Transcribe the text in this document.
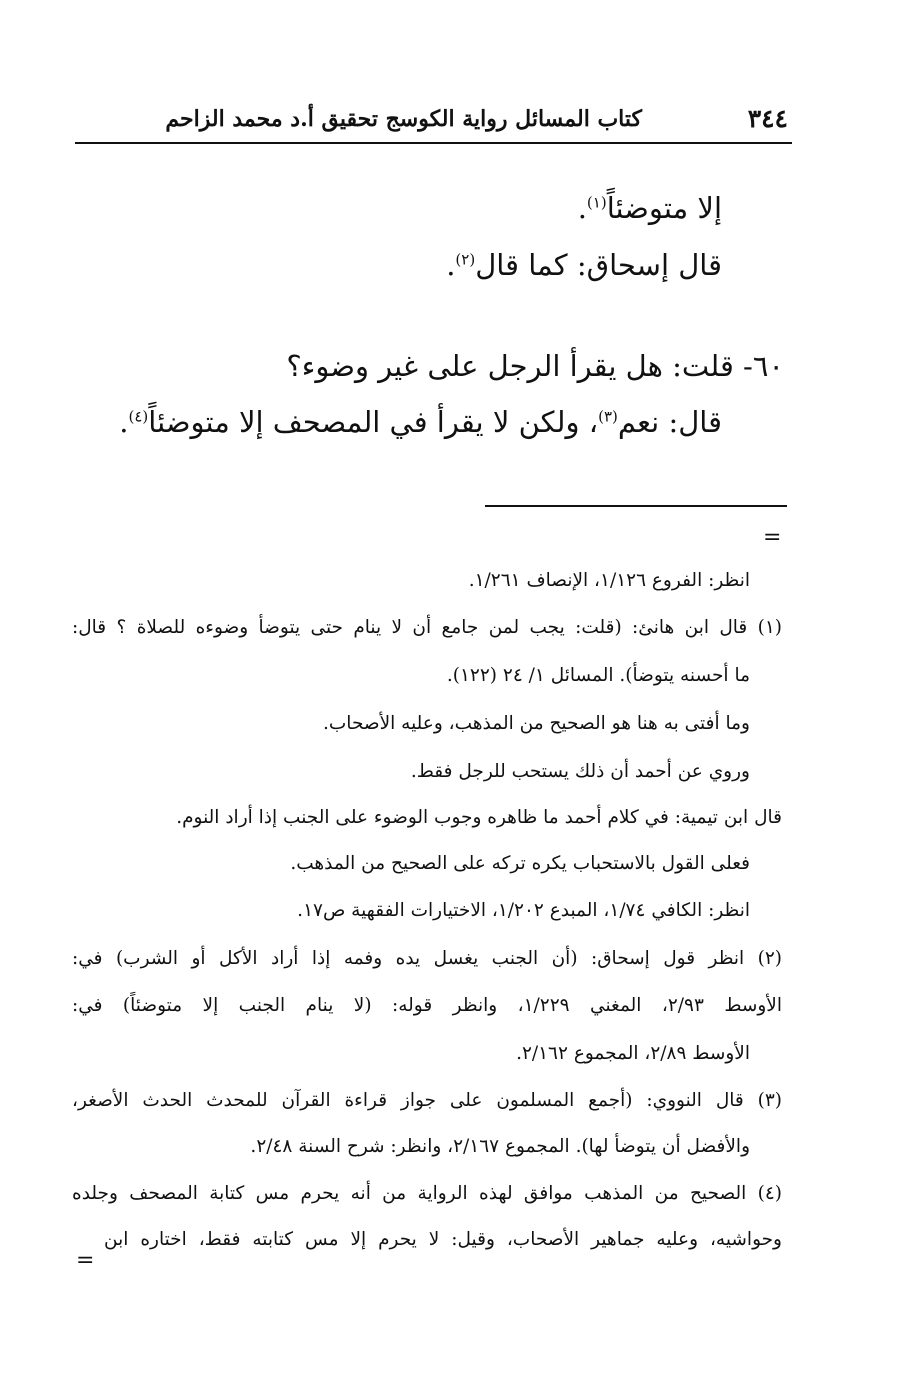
٣٤٤
كتاب المسائل رواية الكوسج تحقيق أ.د محمد الزاحم
إلا متوضئاً$^{(١)}$.
قال إسحاق: كما قال$^{(٢)}$.
٦٠- قلت: هل يقرأ الرجل على غير وضوء؟
قال: نعم$^{(٣)}$، ولكن لا يقرأ في المصحف إلا متوضئاً$^{(٤)}$.
=
انظر: الفروع ١/١٢٦، الإنصاف ١/٢٦١.
(١) قال ابن هانئ: (قلت: يجب لمن جامع أن لا ينام حتى يتوضأ وضوءه للصلاة ؟ قال:
ما أحسنه يتوضأ). المسائل ١/ ٢٤ (١٢٢).
وما أفتى به هنا هو الصحيح من المذهب، وعليه الأصحاب.
وروي عن أحمد أن ذلك يستحب للرجل فقط.
قال ابن تيمية: في كلام أحمد ما ظاهره وجوب الوضوء على الجنب إذا أراد النوم.
فعلى القول بالاستحباب يكره تركه على الصحيح من المذهب.
انظر: الكافي ١/٧٤، المبدع ١/٢٠٢، الاختيارات الفقهية ص١٧.
(٢) انظر قول إسحاق: (أن الجنب يغسل يده وفمه إذا أراد الأكل أو الشرب) في:
الأوسط ٢/٩٣، المغني ١/٢٢٩، وانظر قوله: (لا ينام الجنب إلا متوضئاً) في:
الأوسط ٢/٨٩، المجموع ٢/١٦٢.
(٣) قال النووي: (أجمع المسلمون على جواز قراءة القرآن للمحدث الحدث الأصغر،
والأفضل أن يتوضأ لها). المجموع ٢/١٦٧، وانظر: شرح السنة ٢/٤٨.
(٤) الصحيح من المذهب موافق لهذه الرواية من أنه يحرم مس كتابة المصحف وجلده
وحواشيه، وعليه جماهير الأصحاب، وقيل: لا يحرم إلا مس كتابته فقط، اختاره ابن
=
